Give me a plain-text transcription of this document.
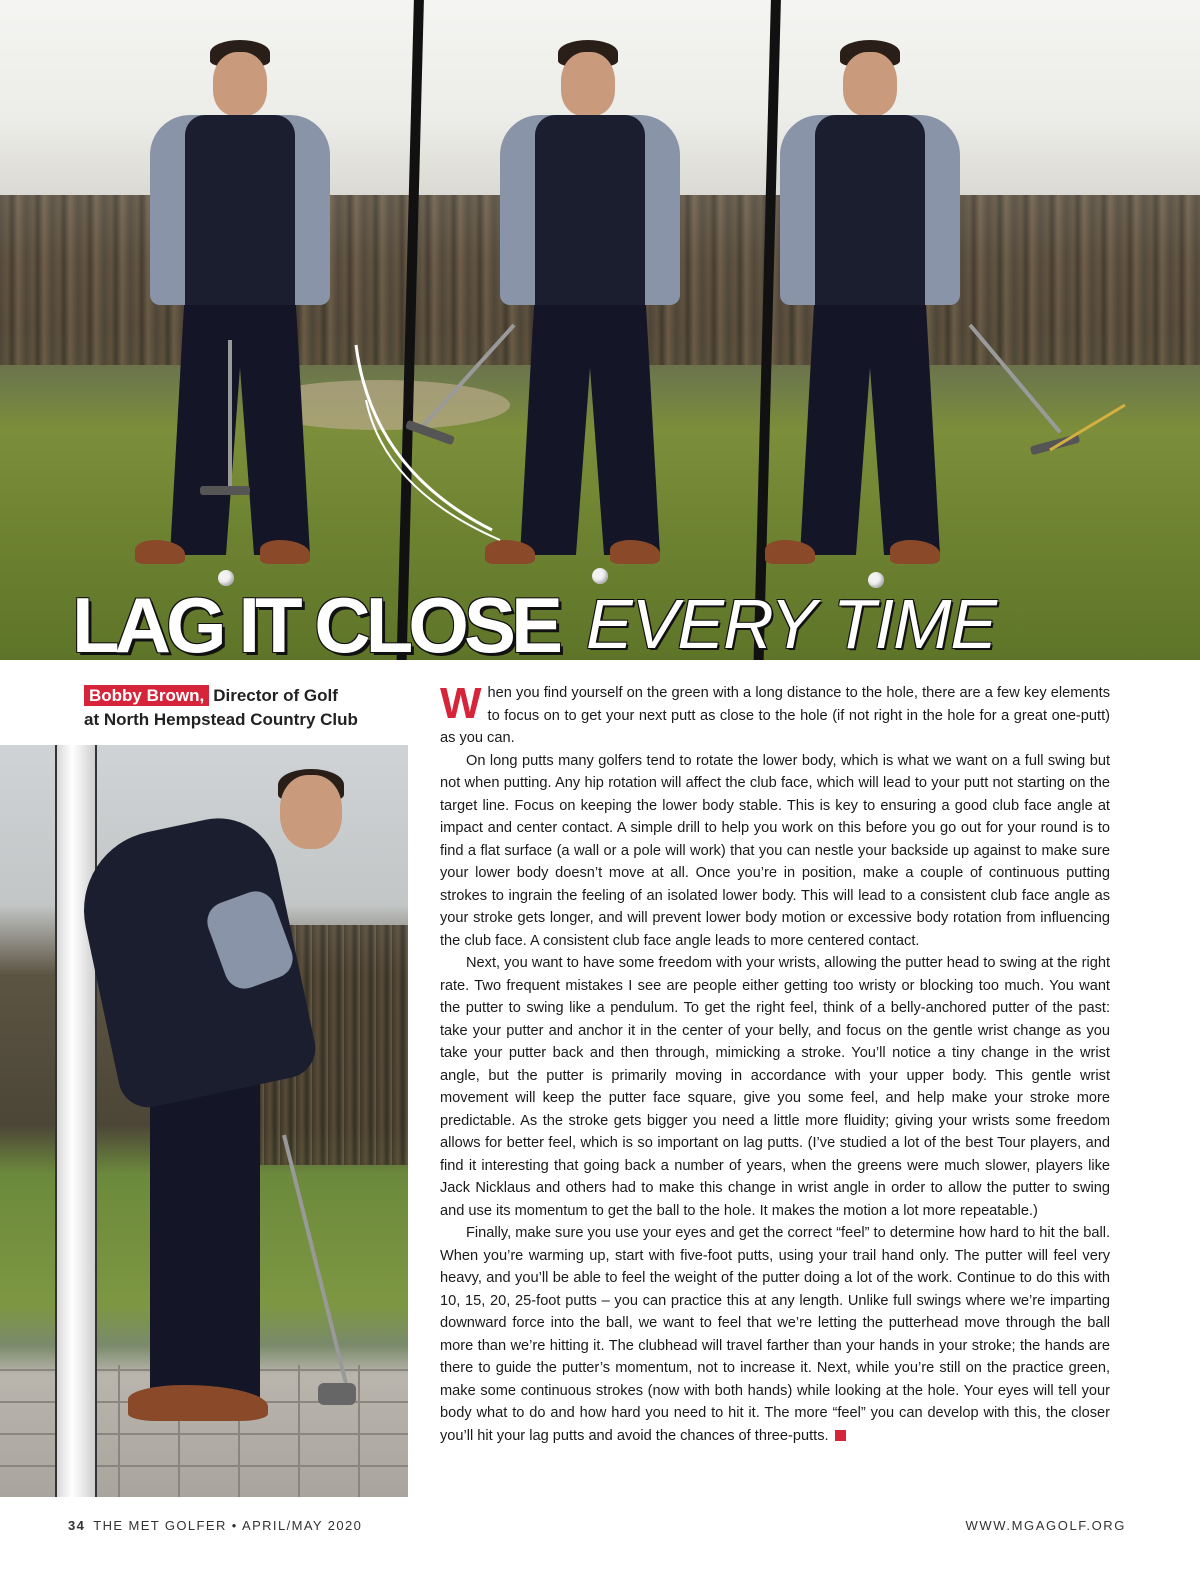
LAG IT CLOSE EVERY TIME
Bobby Brown, Director of Golf
at North Hempstead Country Club	When you find yourself on the green with a long distance to the hole, there are a few key elements to focus on to get your next putt as close to the hole (if not right in the hole for a great one-putt) as you can.

On long putts many golfers tend to rotate the lower body, which is what we want on a full swing but not when putting. Any hip rotation will affect the club face, which will lead to your putt not starting on the target line. Focus on keeping the lower body stable. This is key to ensuring a good club face angle at impact and center contact. A simple drill to help you work on this before you go out for your round is to find a flat surface (a wall or a pole will work) that you can nestle your backside up against to make sure your lower body doesn’t move at all. Once you’re in position, make a couple of continuous putting strokes to ingrain the feeling of an isolated lower body. This will lead to a consistent club face angle as your stroke gets longer, and will prevent lower body motion or excessive body rotation from influencing the club face. A consistent club face angle leads to more centered contact.

Next, you want to have some freedom with your wrists, allowing the putter head to swing at the right rate. Two frequent mistakes I see are people either getting too wristy or blocking too much. You want the putter to swing like a pendulum. To get the right feel, think of a belly-anchored putter of the past: take your putter and anchor it in the center of your belly, and focus on the gentle wrist change as you take your putter back and then through, mimicking a stroke. You’ll notice a tiny change in the wrist angle, but the putter is primarily moving in accordance with your upper body. This gentle wrist movement will keep the putter face square, give you some feel, and help make your stroke more predictable. As the stroke gets bigger you need a little more fluidity; giving your wrists some freedom allows for better feel, which is so important on lag putts. (I’ve studied a lot of the best Tour players, and find it interesting that going back a number of years, when the greens were much slower, players like Jack Nicklaus and others had to make this change in wrist angle in order to allow the putter to swing and use its momentum to get the ball to the hole. It makes the motion a lot more repeatable.)

Finally, make sure you use your eyes and get the correct “feel” to determine how hard to hit the ball. When you’re warming up, start with five-foot putts, using your trail hand only. The putter will feel very heavy, and you’ll be able to feel the weight of the putter doing a lot of the work. Continue to do this with 10, 15, 20, 25-foot putts – you can practice this at any length. Unlike full swings where we’re imparting downward force into the ball, we want to feel that we’re letting the putterhead move through the ball more than we’re hitting it. The clubhead will travel farther than your hands in your stroke; the hands are there to guide the putter’s momentum, not to increase it. Next, while you’re still on the practice green, make some continuous strokes (now with both hands) while looking at the hole. Your eyes will tell your body what to do and how hard you need to hit it. The more “feel” you can develop with this, the closer you’ll hit your lag putts and avoid the chances of three-putts.

34 THE MET GOLFER • APRIL/MAY 2020	WWW.MGAGOLF.ORG
